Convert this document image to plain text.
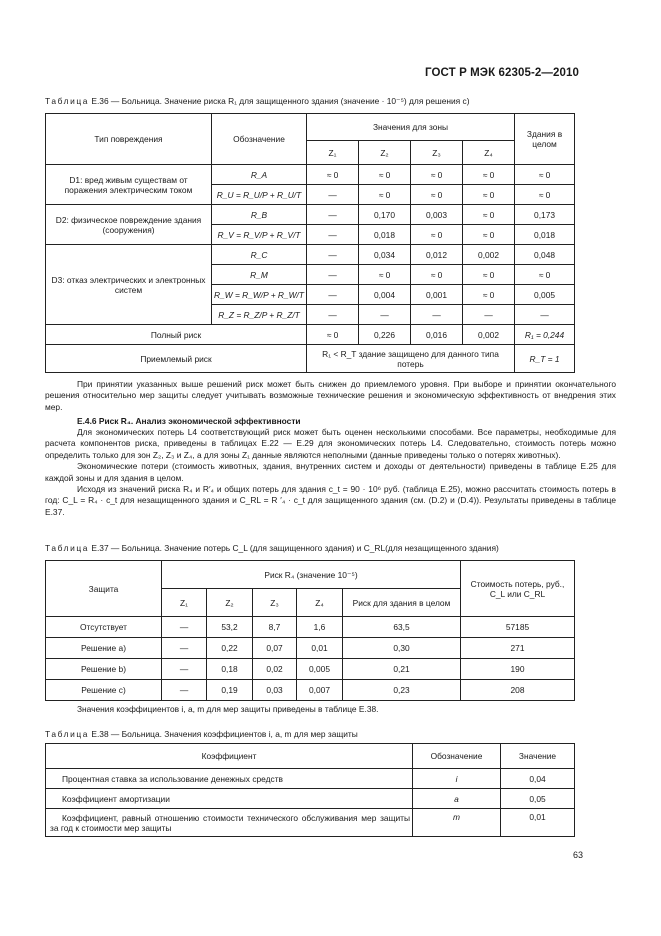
ГОСТ Р МЭК 62305-2—2010
Таблица Е.36 — Больница. Значение риска R₁ для защищенного здания (значение · 10⁻⁵) для решения с)
Тип повреждения	Обозначение	Значения для зоны				Здания в целом
		Z₁	Z₂	Z₃	Z₄	
D1: вред живым существам от поражения электрическим током	R_A	≈ 0	≈ 0	≈ 0	≈ 0	≈ 0
	R_U = R_U/P + R_U/T	—	≈ 0	≈ 0	≈ 0	≈ 0
D2: физическое повреждение здания (сооружения)	R_B	—	0,170	0,003	≈ 0	0,173
	R_V = R_V/P + R_V/T	—	0,018	≈ 0	≈ 0	0,018
D3: отказ электрических и электронных систем	R_C	—	0,034	0,012	0,002	0,048
	R_M	—	≈ 0	≈ 0	≈ 0	≈ 0
	R_W = R_W/P + R_W/T	—	0,004	0,001	≈ 0	0,005
	R_Z = R_Z/P + R_Z/T	—	—	—	—	—
Полный риск		≈ 0	0,226	0,016	0,002	R₁ = 0,244
Приемлемый риск		R₁ < R_T здание защищено для данного типа потерь				R_T = 1

При принятии указанных выше решений риск может быть снижен до приемлемого уровня. При выборе и принятии окончательного решения относительно мер защиты следует учитывать возможные технические решения и экономическую эффективность от внедрения этих мер.

Е.4.6 Риск R₄. Анализ экономической эффективности

Для экономических потерь L4 соответствующий риск может быть оценен несколькими способами. Все параметры, необходимые для расчета компонентов риска, приведены в таблицах Е.22 — Е.29 для экономических потерь L4. Следовательно, стоимость потерь можно определить только для зон Z₂, Z₃ и Z₄, а для зоны Z₁ данные являются неполными (данные приведены только о потерях животных).

Экономические потери (стоимость животных, здания, внутренних систем и доходы от деятельности) приведены в таблице Е.25 для каждой зоны и для здания в целом.

Исходя из значений риска R₄ и R′₄ и общих потерь для здания c_t = 90 · 10⁶ руб. (таблица Е.25), можно рассчитать стоимость потерь в год: C_L = R₄ · c_t для незащищенного здания и C_RL = R ′₄ · c_t для защищенного здания (см. (D.2) и (D.4)). Результаты приведены в таблице Е.37.

Таблица Е.37 — Больница. Значение потерь C_L (для защищенного здания) и C_RL(для незащищенного здания)
Защита	Риск R₄ (значение 10⁻⁵)					Стоимость потерь, руб., C_L или C_RL
	Z₁	Z₂	Z₃	Z₄	Риск для здания в целом	
Отсутствует	—	53,2	8,7	1,6	63,5	57185
Решение а)	—	0,22	0,07	0,01	0,30	271
Решение b)	—	0,18	0,02	0,005	0,21	190
Решение с)	—	0,19	0,03	0,007	0,23	208

Значения коэффициентов i, a, m для мер защиты приведены в таблице Е.38.

Таблица Е.38 — Больница. Значения коэффициентов i, a, m для мер защиты
Коэффициент	Обозначение	Значение
Процентная ставка за использование денежных средств	i	0,04
Коэффициент амортизации	a	0,05
Коэффициент, равный отношению стоимости технического обслуживания мер защиты за год к стоимости мер защиты	m	0,01
63
